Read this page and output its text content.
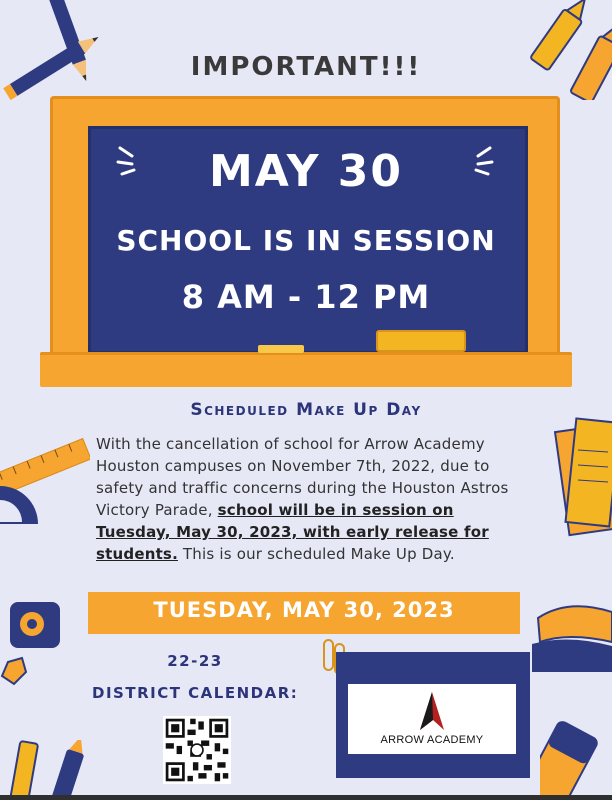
IMPORTANT!!!
MAY 30
SCHOOL IS IN SESSION
8 AM - 12 PM
Scheduled Make Up Day
With the cancellation of school for Arrow Academy Houston campuses on November 7th, 2022, due to safety and traffic concerns during the Houston Astros Victory Parade, school will be in session on Tuesday, May 30, 2023, with early release for students. This is our scheduled Make Up Day.
TUESDAY, MAY 30, 2023
22-23
DISTRICT CALENDAR:
ARROW ACADEMY
